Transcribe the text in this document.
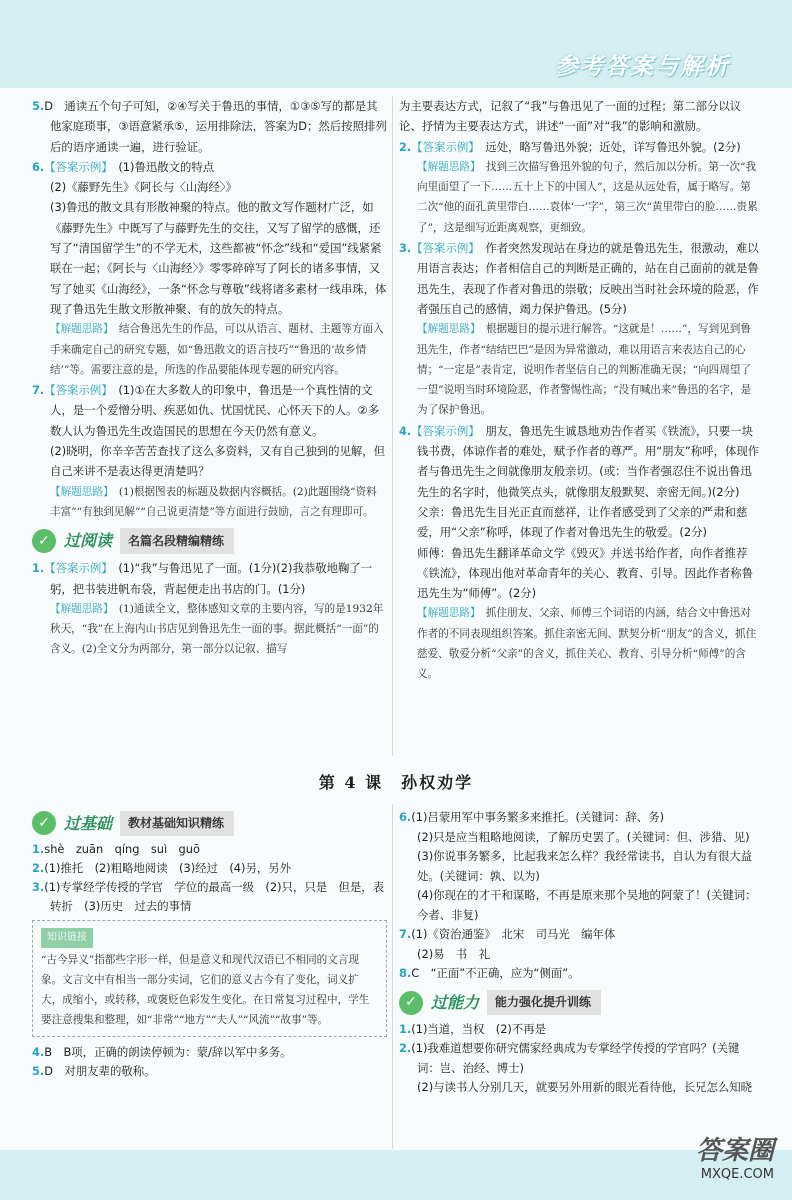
参考答案与解析

5.D　通读五个句子可知，②④写关于鲁迅的事情，①③⑤写的都是其他家庭琐事，③语意紧承⑤，运用排除法，答案为D；然后按照排列后的语序通读一遍，进行验证。

6.【答案示例】　 (1)鲁迅散文的特点

(2)《藤野先生》《阿长与〈山海经〉》

(3)鲁迅的散文具有形散神聚的特点。他的散文写作题材广泛，如《藤野先生》中既写了与藤野先生的交往，又写了留学的感慨，还写了“清国留学生”的不学无术，这些都被“怀念”线和“爱国”线紧紧联在一起；《阿长与〈山海经〉》零零碎碎写了阿长的诸多事情，又写了她买《山海经》，一条“怀念与尊敬”线将诸多素材一线串珠，体现了鲁迅先生散文形散神聚、有的放矢的特点。

【解题思路】　 结合鲁迅先生的作品，可以从语言、题材、主题等方面入手来确定自己的研究专题，如“鲁迅散文的语言技巧”“鲁迅的‘故乡情结’”等。需要注意的是，所选的作品要能体现专题的研究内容。

7.【答案示例】　 (1)①在大多数人的印象中，鲁迅是一个真性情的文人，是一个爱憎分明、疾恶如仇、忧国忧民、心怀天下的人。②多数人认为鲁迅先生改造国民的思想在今天仍然有意义。

(2)晓明，你辛辛苦苦查找了这么多资料，又有自己独到的见解，但自己来讲不是表达得更清楚吗？

【解题思路】　 (1)根据图表的标题及数据内容概括。(2)此题围绕“资料丰富”“有独到见解”“自己说更清楚”等方面进行鼓励，言之有理即可。

✓ 过阅读	名篇名段精编精练

1.【答案示例】　 (1)“我”与鲁迅见了一面。(1分)(2)我恭敬地鞠了一躬，把书装进帆布袋，背起便走出书店的门。(1分)

【解题思路】　 (1)通读全文，整体感知文章的主要内容，写的是1932年秋天，“我”在上海内山书店见到鲁迅先生一面的事。据此概括“一面”的含义。(2)全文分为两部分，第一部分以记叙、描写

为主要表达方式，记叙了“我”与鲁迅见了一面的过程；第二部分以议论、抒情为主要表达方式，讲述“一面”对“我”的影响和激励。

2.【答案示例】　 远处，略写鲁迅外貌；近处，详写鲁迅外貌。(2分)

【解题思路】　 找到三次描写鲁迅外貌的句子，然后加以分析。第一次“我向里面望了一下……五十上下的中国人”，这是从远处看，属于略写。第二次“他的面孔黄里带白……袁体‘一’字”，第三次“黄里带白的脸……贵累了”，这是细写近距离观察，更细致。

3.【答案示例】　 作者突然发现站在身边的就是鲁迅先生，很激动，难以用语言表达；作者相信自己的判断是正确的，站在自己面前的就是鲁迅先生，表现了作者对鲁迅的崇敬；反映出当时社会环境的险恶，作者强压自己的感情，竭力保护鲁迅。(5分)

【解题思路】　 根据题目的提示进行解答。“这就是！……”，写到见到鲁迅先生，作者“结结巴巴”是因为异常激动，难以用语言来表达自己的心情；“一定是”表肯定，说明作者坚信自己的判断准确无误；“向四周望了一望”说明当时环境险恶，作者警惕性高；“没有喊出来”鲁迅的名字，是为了保护鲁迅。

4.【答案示例】　 朋友，鲁迅先生诚恳地劝告作者买《铁流》，只要一块钱书费，体谅作者的难处，赋予作者的尊严。用“朋友”称呼，体现作者与鲁迅先生之间就像朋友般亲切。(或：当作者强忍住不说出鲁迅先生的名字时，他微笑点头，就像朋友般默契、亲密无间。)(2分)

父亲：鲁迅先生目光正直而慈祥，让作者感受到了父亲的严肃和慈爱，用“父亲”称呼，体现了作者对鲁迅先生的敬爱。(2分)

师傅：鲁迅先生翻译革命文学《毁灭》并送书给作者，向作者推荐《铁流》，体现出他对革命青年的关心、教育、引导。因此作者称鲁迅先生为“师傅”。(2分)

【解题思路】　 抓住朋友、父亲、师傅三个词语的内涵，结合文中鲁迅对作者的不同表现组织答案。抓住亲密无间、默契分析“朋友”的含义，抓住慈爱、敬爱分析“父亲”的含义，抓住关心、教育、引导分析“师傅”的含义。

第 4 课　孙权劝学
✓ 过基础	教材基础知识精练

1.shè　zuān　qíng　suì　guō

2.(1)推托　(2)粗略地阅读　(3)经过　(4)另，另外

3.(1)专掌经学传授的学官　学位的最高一级　(2)只，只是　但是，表转折　(3)历史　过去的事情

知识链接

“古今异义”指都些字形一样，但是意义和现代汉语已不相同的文言现象。文言文中有相当一部分实词，它们的意义古今有了变化，词义扩大，成缩小，或转移，或褒贬色彩发生变化。在日常复习过程中，学生要注意搜集和整理，如“非常”“地方”“夫人”“风流”“故事”等。

4.B　B项，正确的朗读停顿为：蒙/辞以军中多务。

5.D　对朋友辈的敬称。

6.(1)吕蒙用军中事务繁多来推托。(关键词：辞、务)

(2)只是应当粗略地阅读，了解历史罢了。(关键词：但、涉猎、见)

(3)你说事务繁多，比起我来怎么样？我经常读书，自认为有很大益处。(关键词：孰、以为)

(4)你现在的才干和谋略，不再是原来那个吴地的阿蒙了！(关键词：今者、非复)

7.(1)《资治通鉴》　北宋　司马光　编年体

(2)易　书　礼

8.C　“正面”不正确，应为“侧面”。

✓ 过能力	能力强化提升训练

1.(1)当道，当权　(2)不再是

2.(1)我难道想要你研究儒家经典成为专掌经学传授的学官吗？(关键词：岂、治经、博士)

(2)与读书人分别几天，就要另外用新的眼光看待他，长兄怎么知晓

答案圈
MXQE.COM
